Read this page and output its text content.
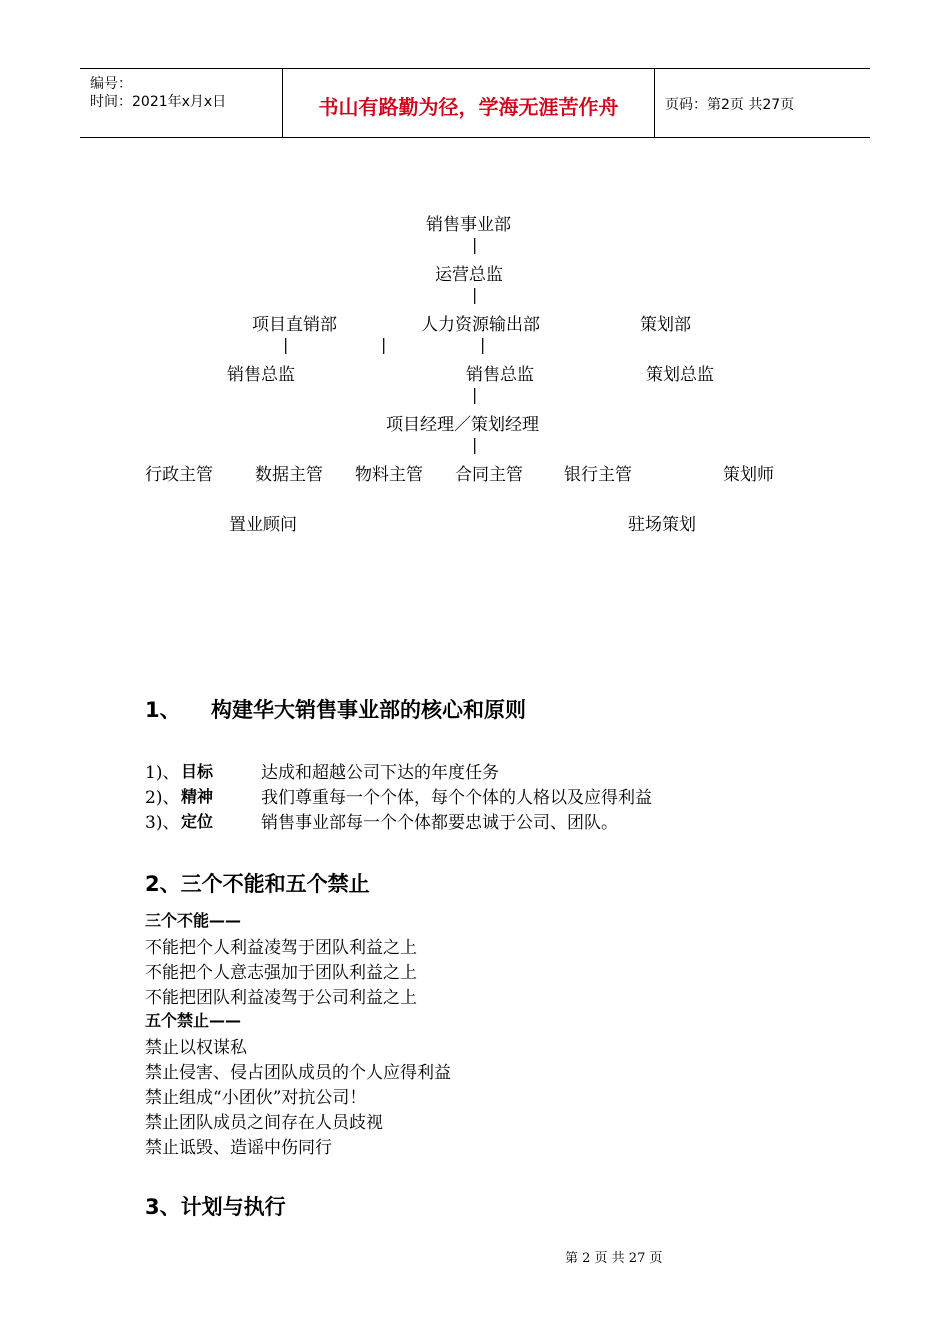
编号：
时间：2021年x月x日	书山有路勤为径，学海无涯苦作舟	页码：第2页 共27页
销售事业部
|
运营总监
|
项目直销部	人力资源输出部	策划部
|	|	|
销售总监	销售总监	策划总监
|
项目经理／策划经理
|
行政主管 数据主管 物料主管 合同主管 银行主管	策划师
置业顾问	驻场策划
1、 构建华大销售事业部的核心和原则
1)、 目标	达成和超越公司下达的年度任务
2)、 精神	我们尊重每一个个体，每个个体的人格以及应得利益
3)、 定位	销售事业部每一个个体都要忠诚于公司、团队。
2、三个不能和五个禁止
三个不能——
不能把个人利益凌驾于团队利益之上
不能把个人意志强加于团队利益之上
不能把团队利益凌驾于公司利益之上
五个禁止——
禁止以权谋私
禁止侵害、侵占团队成员的个人应得利益
禁止组成“小团伙”对抗公司！
禁止团队成员之间存在人员歧视
禁止诋毁、造谣中伤同行
3、计划与执行
第 2 页 共 27 页
